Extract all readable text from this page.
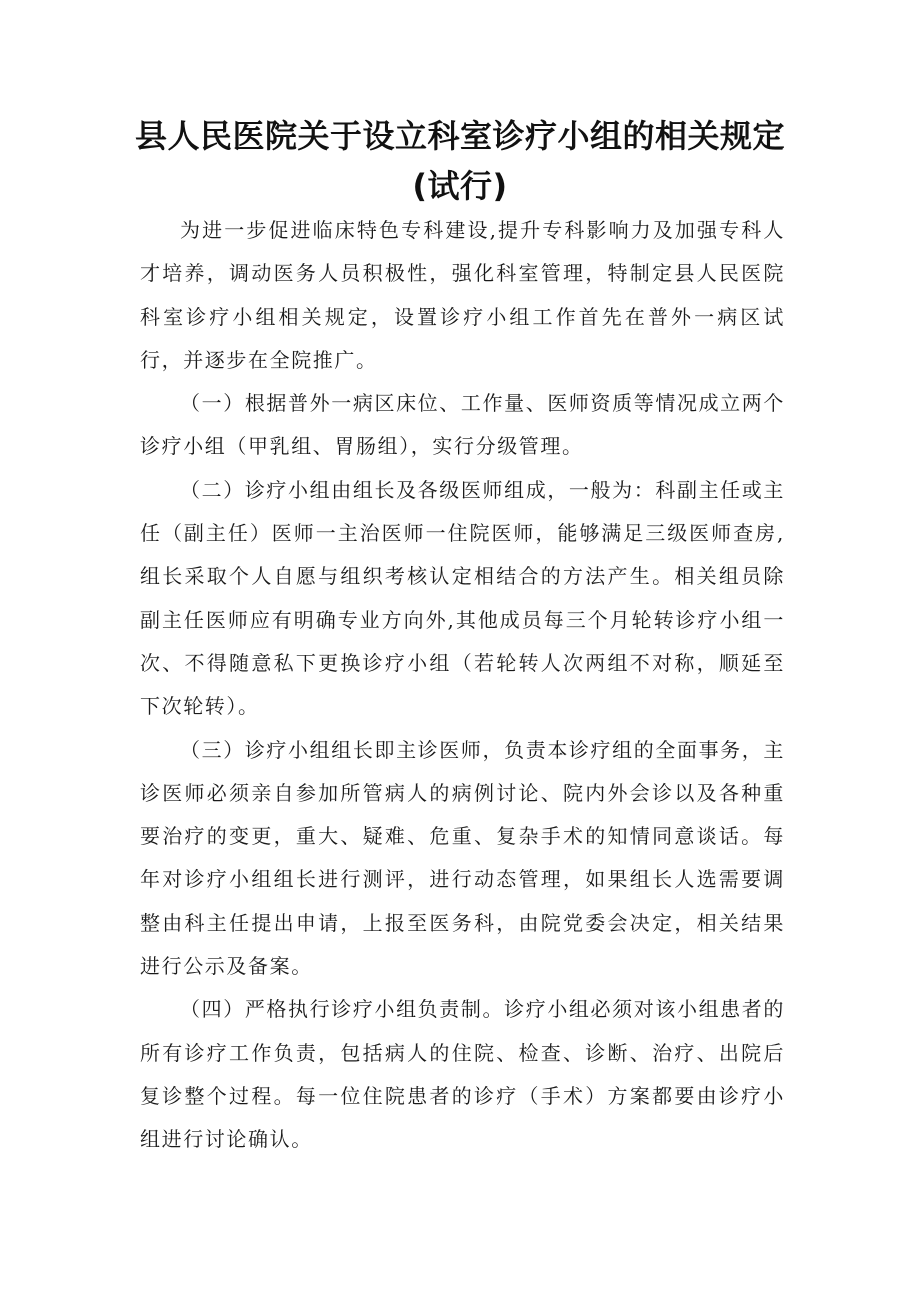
县人民医院关于设立科室诊疗小组的相关规定
(试行)

为进一步促进临床特色专科建设,提升专科影响力及加强专科人才培养，调动医务人员积极性，强化科室管理，特制定县人民医院科室诊疗小组相关规定，设置诊疗小组工作首先在普外一病区试行，并逐步在全院推广。

（一）根据普外一病区床位、工作量、医师资质等情况成立两个诊疗小组（甲乳组、胃肠组），实行分级管理。

（二）诊疗小组由组长及各级医师组成，一般为：科副主任或主任（副主任）医师一主治医师一住院医师，能够满足三级医师查房,组长采取个人自愿与组织考核认定相结合的方法产生。相关组员除副主任医师应有明确专业方向外,其他成员每三个月轮转诊疗小组一次、不得随意私下更换诊疗小组（若轮转人次两组不对称，顺延至下次轮转）。

（三）诊疗小组组长即主诊医师，负责本诊疗组的全面事务，主诊医师必须亲自参加所管病人的病例讨论、院内外会诊以及各种重要治疗的变更，重大、疑难、危重、复杂手术的知情同意谈话。每年对诊疗小组组长进行测评，进行动态管理，如果组长人选需要调整由科主任提出申请，上报至医务科，由院党委会决定，相关结果进行公示及备案。

（四）严格执行诊疗小组负责制。诊疗小组必须对该小组患者的所有诊疗工作负责，包括病人的住院、检查、诊断、治疗、出院后复诊整个过程。每一位住院患者的诊疗（手术）方案都要由诊疗小组进行讨论确认。
